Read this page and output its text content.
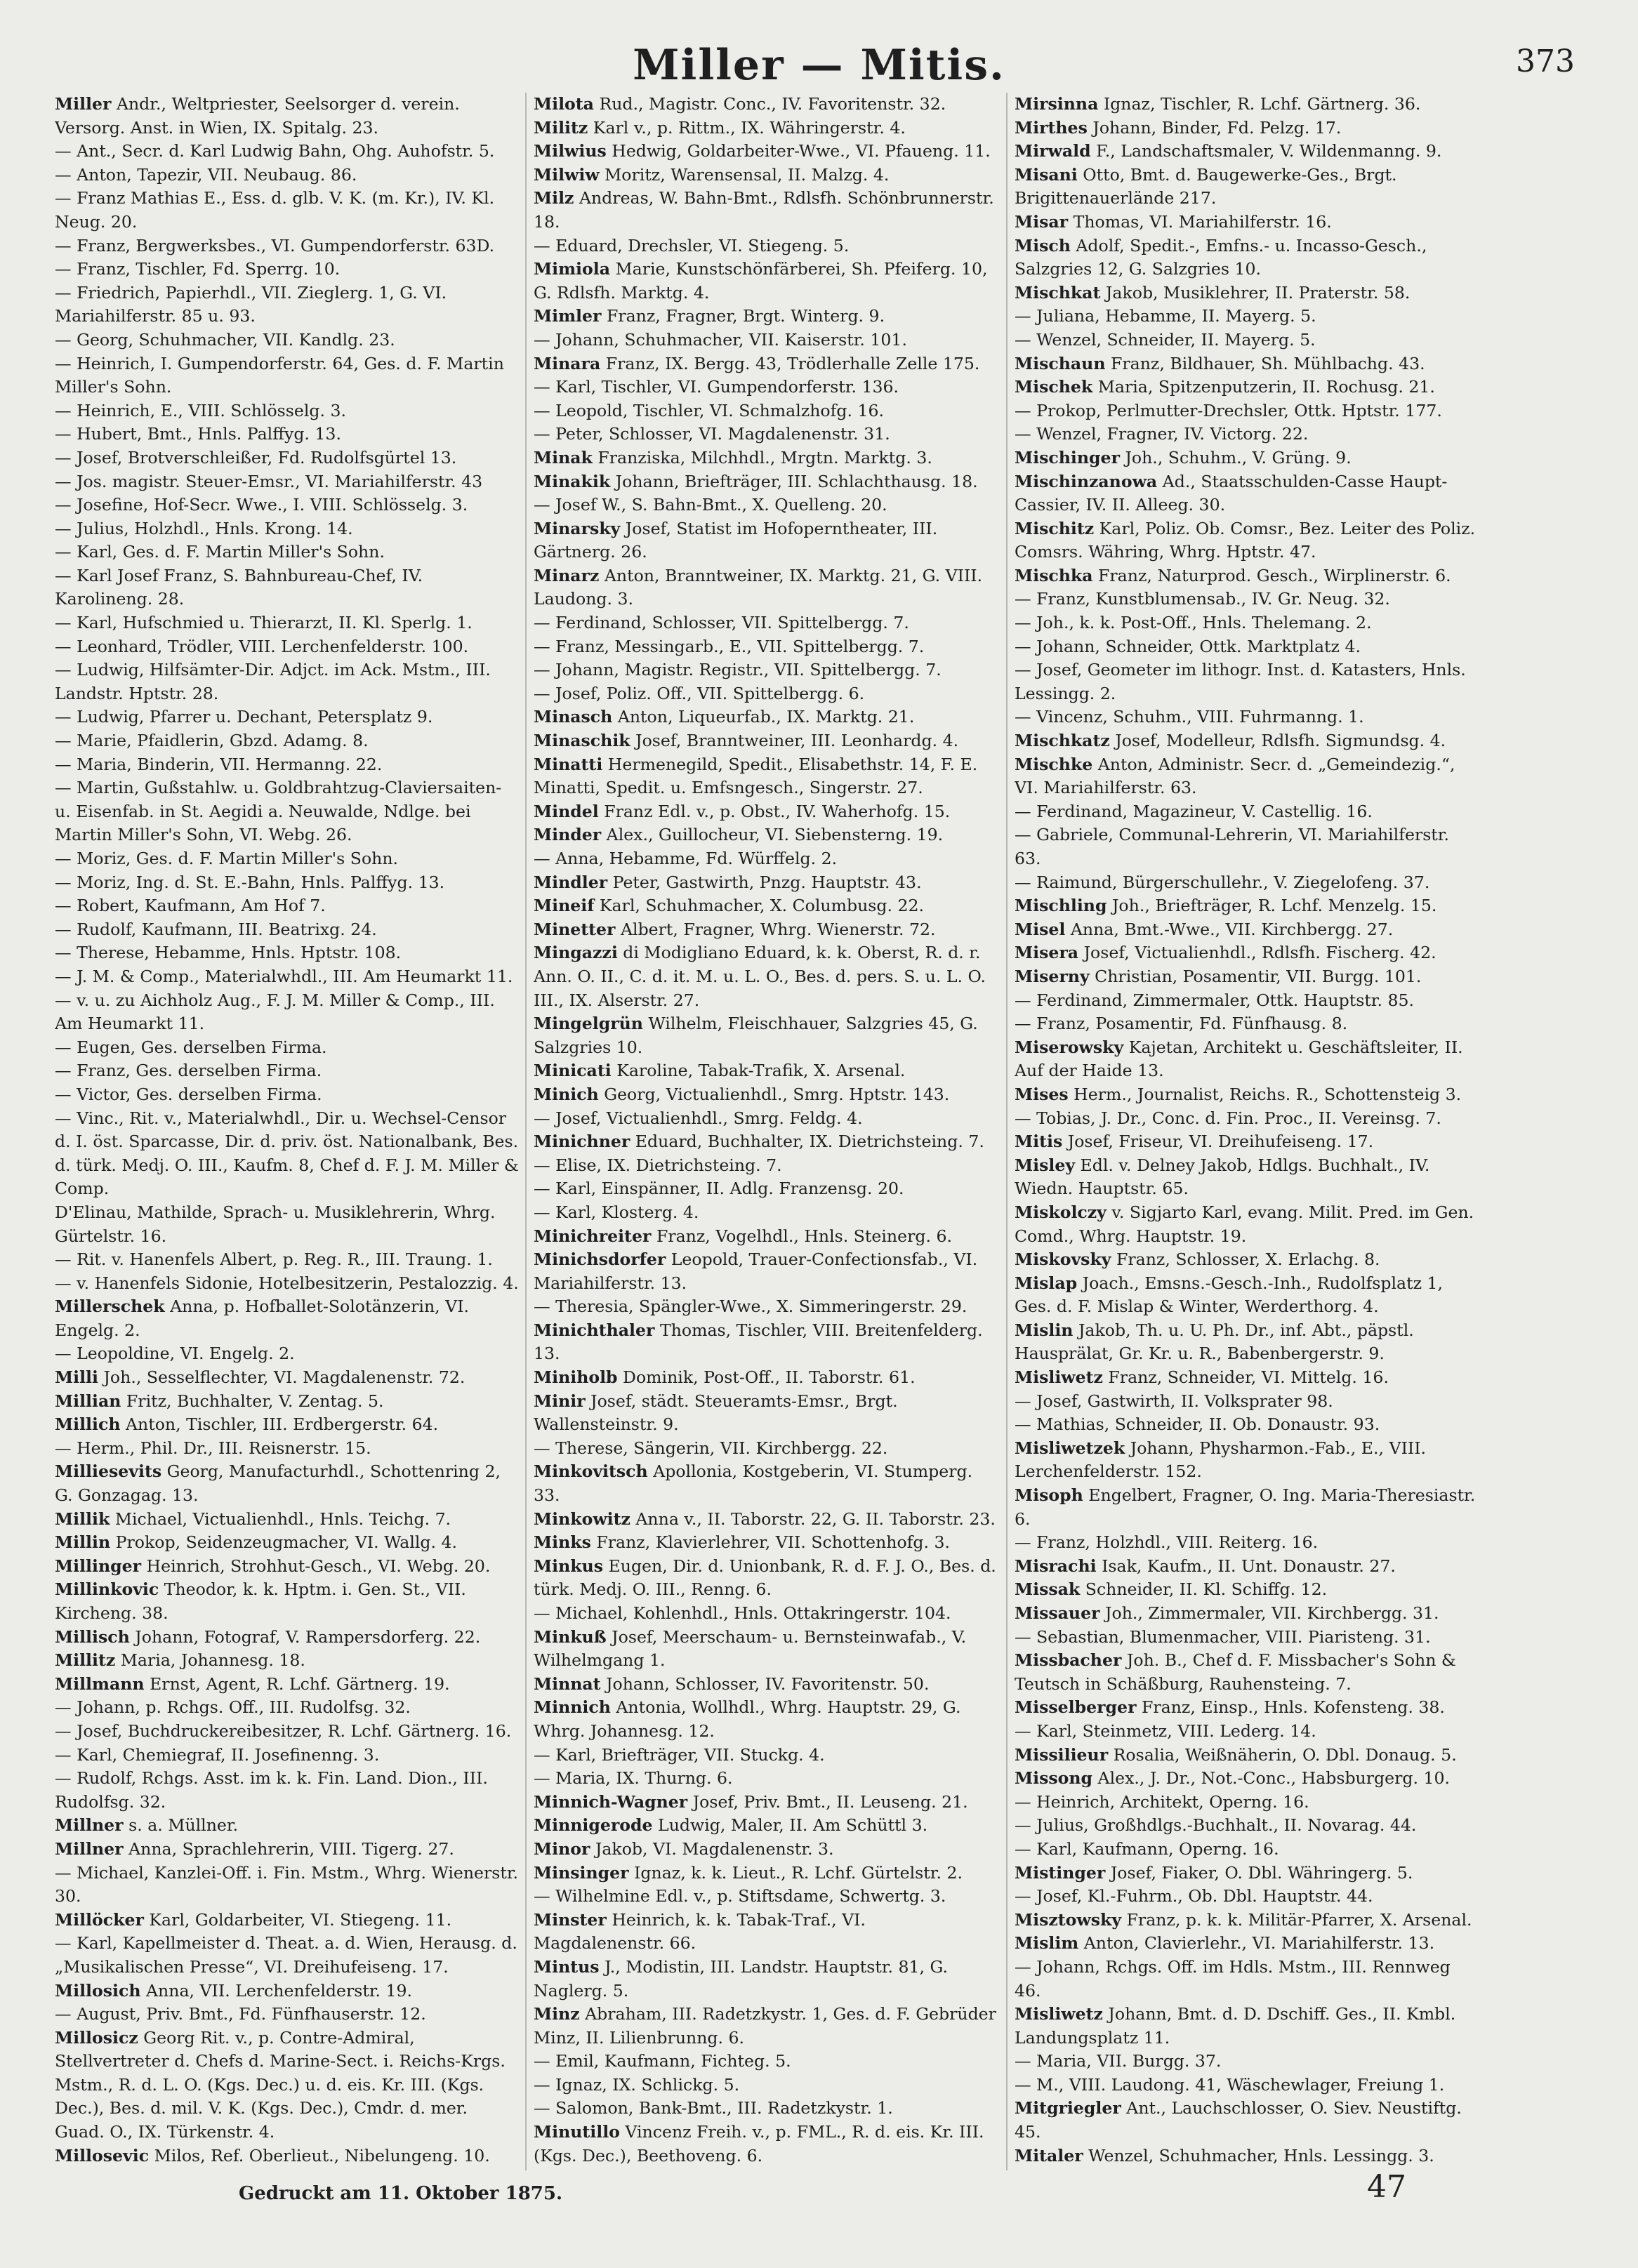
Miller — Mitis.	373

Miller Andr., Weltpriester, Seelsorger d. verein. Versorg. Anst. in Wien, IX. Spitalg. 23.

— Ant., Secr. d. Karl Ludwig Bahn, Ohg. Auhofstr. 5.

— Anton, Tapezir, VII. Neubaug. 86.

— Franz Mathias E., Ess. d. glb. V. K. (m. Kr.), IV. Kl. Neug. 20.

— Franz, Bergwerksbes., VI. Gumpendorferstr. 63D.

— Franz, Tischler, Fd. Sperrg. 10.

— Friedrich, Papierhdl., VII. Zieglerg. 1, G. VI. Mariahilferstr. 85 u. 93.

— Georg, Schuhmacher, VII. Kandlg. 23.

— Heinrich, I. Gumpendorferstr. 64, Ges. d. F. Martin Miller's Sohn.

— Heinrich, E., VIII. Schlösselg. 3.

— Hubert, Bmt., Hnls. Palffyg. 13.

— Josef, Brotverschleißer, Fd. Rudolfsgürtel 13.

— Jos. magistr. Steuer-Emsr., VI. Mariahilferstr. 43

— Josefine, Hof-Secr. Wwe., I. VIII. Schlösselg. 3.

— Julius, Holzhdl., Hnls. Krong. 14.

— Karl, Ges. d. F. Martin Miller's Sohn.

— Karl Josef Franz, S. Bahnbureau-Chef, IV. Karolineng. 28.

— Karl, Hufschmied u. Thierarzt, II. Kl. Sperlg. 1.

— Leonhard, Trödler, VIII. Lerchenfelderstr. 100.

— Ludwig, Hilfsämter-Dir. Adjct. im Ack. Mstm., III. Landstr. Hptstr. 28.

— Ludwig, Pfarrer u. Dechant, Petersplatz 9.

— Marie, Pfaidlerin, Gbzd. Adamg. 8.

— Maria, Binderin, VII. Hermanng. 22.

— Martin, Gußstahlw. u. Goldbrahtzug-Claviersaiten- u. Eisenfab. in St. Aegidi a. Neuwalde, Ndlge. bei Martin Miller's Sohn, VI. Webg. 26.

— Moriz, Ges. d. F. Martin Miller's Sohn.

— Moriz, Ing. d. St. E.-Bahn, Hnls. Palffyg. 13.

— Robert, Kaufmann, Am Hof 7.

— Rudolf, Kaufmann, III. Beatrixg. 24.

— Therese, Hebamme, Hnls. Hptstr. 108.

— J. M. & Comp., Materialwhdl., III. Am Heumarkt 11.

— v. u. zu Aichholz Aug., F. J. M. Miller & Comp., III. Am Heumarkt 11.

— Eugen, Ges. derselben Firma.

— Franz, Ges. derselben Firma.

— Victor, Ges. derselben Firma.

— Vinc., Rit. v., Materialwhdl., Dir. u. Wechsel-Censor d. I. öst. Sparcasse, Dir. d. priv. öst. Nationalbank, Bes. d. türk. Medj. O. III., Kaufm. 8, Chef d. F. J. M. Miller & Comp.

D'Elinau, Mathilde, Sprach- u. Musiklehrerin, Whrg. Gürtelstr. 16.

— Rit. v. Hanenfels Albert, p. Reg. R., III. Traung. 1.

— v. Hanenfels Sidonie, Hotelbesitzerin, Pestalozzig. 4.

Millerschek Anna, p. Hofballet-Solotänzerin, VI. Engelg. 2.

— Leopoldine, VI. Engelg. 2.

Milli Joh., Sesselflechter, VI. Magdalenenstr. 72.

Millian Fritz, Buchhalter, V. Zentag. 5.

Millich Anton, Tischler, III. Erdbergerstr. 64.

— Herm., Phil. Dr., III. Reisnerstr. 15.

Milliesevits Georg, Manufacturhdl., Schottenring 2, G. Gonzagag. 13.

Millik Michael, Victualienhdl., Hnls. Teichg. 7.

Millin Prokop, Seidenzeugmacher, VI. Wallg. 4.

Millinger Heinrich, Strohhut-Gesch., VI. Webg. 20.

Millinkovic Theodor, k. k. Hptm. i. Gen. St., VII. Kircheng. 38.

Millisch Johann, Fotograf, V. Rampersdorferg. 22.

Millitz Maria, Johannesg. 18.

Millmann Ernst, Agent, R. Lchf. Gärtnerg. 19.

— Johann, p. Rchgs. Off., III. Rudolfsg. 32.

— Josef, Buchdruckereibesitzer, R. Lchf. Gärtnerg. 16.

— Karl, Chemiegraf, II. Josefinenng. 3.

— Rudolf, Rchgs. Asst. im k. k. Fin. Land. Dion., III. Rudolfsg. 32.

Millner s. a. Müllner.

Millner Anna, Sprachlehrerin, VIII. Tigerg. 27.

— Michael, Kanzlei-Off. i. Fin. Mstm., Whrg. Wienerstr. 30.

Millöcker Karl, Goldarbeiter, VI. Stiegeng. 11.

— Karl, Kapellmeister d. Theat. a. d. Wien, Herausg. d. „Musikalischen Presse“, VI. Dreihufeiseng. 17.

Millosich Anna, VII. Lerchenfelderstr. 19.

— August, Priv. Bmt., Fd. Fünfhauserstr. 12.

Millosicz Georg Rit. v., p. Contre-Admiral, Stellvertreter d. Chefs d. Marine-Sect. i. Reichs-Krgs. Mstm., R. d. L. O. (Kgs. Dec.) u. d. eis. Kr. III. (Kgs. Dec.), Bes. d. mil. V. K. (Kgs. Dec.), Cmdr. d. mer. Guad. O., IX. Türkenstr. 4.

Millosevic Milos, Ref. Oberlieut., Nibelungeng. 10.

Milota Rud., Magistr. Conc., IV. Favoritenstr. 32.

Militz Karl v., p. Rittm., IX. Währingerstr. 4.

Milwius Hedwig, Goldarbeiter-Wwe., VI. Pfaueng. 11.

Milwiw Moritz, Warensensal, II. Malzg. 4.

Milz Andreas, W. Bahn-Bmt., Rdlsfh. Schönbrunnerstr. 18.

— Eduard, Drechsler, VI. Stiegeng. 5.

Mimiola Marie, Kunstschönfärberei, Sh. Pfeiferg. 10, G. Rdlsfh. Marktg. 4.

Mimler Franz, Fragner, Brgt. Winterg. 9.

— Johann, Schuhmacher, VII. Kaiserstr. 101.

Minara Franz, IX. Bergg. 43, Trödlerhalle Zelle 175.

— Karl, Tischler, VI. Gumpendorferstr. 136.

— Leopold, Tischler, VI. Schmalzhofg. 16.

— Peter, Schlosser, VI. Magdalenenstr. 31.

Minak Franziska, Milchhdl., Mrgtn. Marktg. 3.

Minakik Johann, Briefträger, III. Schlachthausg. 18.

— Josef W., S. Bahn-Bmt., X. Quelleng. 20.

Minarsky Josef, Statist im Hofoperntheater, III. Gärtnerg. 26.

Minarz Anton, Branntweiner, IX. Marktg. 21, G. VIII. Laudong. 3.

— Ferdinand, Schlosser, VII. Spittelbergg. 7.

— Franz, Messingarb., E., VII. Spittelbergg. 7.

— Johann, Magistr. Registr., VII. Spittelbergg. 7.

— Josef, Poliz. Off., VII. Spittelbergg. 6.

Minasch Anton, Liqueurfab., IX. Marktg. 21.

Minaschik Josef, Branntweiner, III. Leonhardg. 4.

Minatti Hermenegild, Spedit., Elisabethstr. 14, F. E. Minatti, Spedit. u. Emfsngesch., Singerstr. 27.

Mindel Franz Edl. v., p. Obst., IV. Waherhofg. 15.

Minder Alex., Guillocheur, VI. Siebensterng. 19.

— Anna, Hebamme, Fd. Würffelg. 2.

Mindler Peter, Gastwirth, Pnzg. Hauptstr. 43.

Mineif Karl, Schuhmacher, X. Columbusg. 22.

Minetter Albert, Fragner, Whrg. Wienerstr. 72.

Mingazzi di Modigliano Eduard, k. k. Oberst, R. d. r. Ann. O. II., C. d. it. M. u. L. O., Bes. d. pers. S. u. L. O. III., IX. Alserstr. 27.

Mingelgrün Wilhelm, Fleischhauer, Salzgries 45, G. Salzgries 10.

Minicati Karoline, Tabak-Trafik, X. Arsenal.

Minich Georg, Victualienhdl., Smrg. Hptstr. 143.

— Josef, Victualienhdl., Smrg. Feldg. 4.

Minichner Eduard, Buchhalter, IX. Dietrichsteing. 7.

— Elise, IX. Dietrichsteing. 7.

— Karl, Einspänner, II. Adlg. Franzensg. 20.

— Karl, Klosterg. 4.

Minichreiter Franz, Vogelhdl., Hnls. Steinerg. 6.

Minichsdorfer Leopold, Trauer-Confectionsfab., VI. Mariahilferstr. 13.

— Theresia, Spängler-Wwe., X. Simmeringerstr. 29.

Minichthaler Thomas, Tischler, VIII. Breitenfelderg. 13.

Miniholb Dominik, Post-Off., II. Taborstr. 61.

Minir Josef, städt. Steueramts-Emsr., Brgt. Wallensteinstr. 9.

— Therese, Sängerin, VII. Kirchbergg. 22.

Minkovitsch Apollonia, Kostgeberin, VI. Stumperg. 33.

Minkowitz Anna v., II. Taborstr. 22, G. II. Taborstr. 23.

Minks Franz, Klavierlehrer, VII. Schottenhofg. 3.

Minkus Eugen, Dir. d. Unionbank, R. d. F. J. O., Bes. d. türk. Medj. O. III., Renng. 6.

— Michael, Kohlenhdl., Hnls. Ottakringerstr. 104.

Minkuß Josef, Meerschaum- u. Bernsteinwafab., V. Wilhelmgang 1.

Minnat Johann, Schlosser, IV. Favoritenstr. 50.

Minnich Antonia, Wollhdl., Whrg. Hauptstr. 29, G. Whrg. Johannesg. 12.

— Karl, Briefträger, VII. Stuckg. 4.

— Maria, IX. Thurng. 6.

Minnich-Wagner Josef, Priv. Bmt., II. Leuseng. 21.

Minnigerode Ludwig, Maler, II. Am Schüttl 3.

Minor Jakob, VI. Magdalenenstr. 3.

Minsinger Ignaz, k. k. Lieut., R. Lchf. Gürtelstr. 2.

— Wilhelmine Edl. v., p. Stiftsdame, Schwertg. 3.

Minster Heinrich, k. k. Tabak-Traf., VI. Magdalenenstr. 66.

Mintus J., Modistin, III. Landstr. Hauptstr. 81, G. Naglerg. 5.

Minz Abraham, III. Radetzkystr. 1, Ges. d. F. Gebrüder Minz, II. Lilienbrunng. 6.

— Emil, Kaufmann, Fichteg. 5.

— Ignaz, IX. Schlickg. 5.

— Salomon, Bank-Bmt., III. Radetzkystr. 1.

Minutillo Vincenz Freih. v., p. FML., R. d. eis. Kr. III. (Kgs. Dec.), Beethoveng. 6.

Mirsinna Ignaz, Tischler, R. Lchf. Gärtnerg. 36.

Mirthes Johann, Binder, Fd. Pelzg. 17.

Mirwald F., Landschaftsmaler, V. Wildenmanng. 9.

Misani Otto, Bmt. d. Baugewerke-Ges., Brgt. Brigittenauerlände 217.

Misar Thomas, VI. Mariahilferstr. 16.

Misch Adolf, Spedit.-, Emfns.- u. Incasso-Gesch., Salzgries 12, G. Salzgries 10.

Mischkat Jakob, Musiklehrer, II. Praterstr. 58.

— Juliana, Hebamme, II. Mayerg. 5.

— Wenzel, Schneider, II. Mayerg. 5.

Mischaun Franz, Bildhauer, Sh. Mühlbachg. 43.

Mischek Maria, Spitzenputzerin, II. Rochusg. 21.

— Prokop, Perlmutter-Drechsler, Ottk. Hptstr. 177.

— Wenzel, Fragner, IV. Victorg. 22.

Mischinger Joh., Schuhm., V. Grüng. 9.

Mischinzanowa Ad., Staatsschulden-Casse Haupt-Cassier, IV. II. Alleeg. 30.

Mischitz Karl, Poliz. Ob. Comsr., Bez. Leiter des Poliz. Comsrs. Währing, Whrg. Hptstr. 47.

Mischka Franz, Naturprod. Gesch., Wirplinerstr. 6.

— Franz, Kunstblumensab., IV. Gr. Neug. 32.

— Joh., k. k. Post-Off., Hnls. Thelemang. 2.

— Johann, Schneider, Ottk. Marktplatz 4.

— Josef, Geometer im lithogr. Inst. d. Katasters, Hnls. Lessingg. 2.

— Vincenz, Schuhm., VIII. Fuhrmanng. 1.

Mischkatz Josef, Modelleur, Rdlsfh. Sigmundsg. 4.

Mischke Anton, Administr. Secr. d. „Gemeindezig.“, VI. Mariahilferstr. 63.

— Ferdinand, Magazineur, V. Castellig. 16.

— Gabriele, Communal-Lehrerin, VI. Mariahilferstr. 63.

— Raimund, Bürgerschullehr., V. Ziegelofeng. 37.

Mischling Joh., Briefträger, R. Lchf. Menzelg. 15.

Misel Anna, Bmt.-Wwe., VII. Kirchbergg. 27.

Misera Josef, Victualienhdl., Rdlsfh. Fischerg. 42.

Miserny Christian, Posamentir, VII. Burgg. 101.

— Ferdinand, Zimmermaler, Ottk. Hauptstr. 85.

— Franz, Posamentir, Fd. Fünfhausg. 8.

Miserowsky Kajetan, Architekt u. Geschäftsleiter, II. Auf der Haide 13.

Mises Herm., Journalist, Reichs. R., Schottensteig 3.

— Tobias, J. Dr., Conc. d. Fin. Proc., II. Vereinsg. 7.

Mitis Josef, Friseur, VI. Dreihufeiseng. 17.

Misley Edl. v. Delney Jakob, Hdlgs. Buchhalt., IV. Wiedn. Hauptstr. 65.

Miskolczy v. Sigjarto Karl, evang. Milit. Pred. im Gen. Comd., Whrg. Hauptstr. 19.

Miskovsky Franz, Schlosser, X. Erlachg. 8.

Mislap Joach., Emsns.-Gesch.-Inh., Rudolfsplatz 1, Ges. d. F. Mislap & Winter, Werderthorg. 4.

Mislin Jakob, Th. u. U. Ph. Dr., inf. Abt., päpstl. Hausprälat, Gr. Kr. u. R., Babenbergerstr. 9.

Misliwetz Franz, Schneider, VI. Mittelg. 16.

— Josef, Gastwirth, II. Volksprater 98.

— Mathias, Schneider, II. Ob. Donaustr. 93.

Misliwetzek Johann, Physharmon.-Fab., E., VIII. Lerchenfelderstr. 152.

Misoph Engelbert, Fragner, O. Ing. Maria-Theresiastr. 6.

— Franz, Holzhdl., VIII. Reiterg. 16.

Misrachi Isak, Kaufm., II. Unt. Donaustr. 27.

Missak Schneider, II. Kl. Schiffg. 12.

Missauer Joh., Zimmermaler, VII. Kirchbergg. 31.

— Sebastian, Blumenmacher, VIII. Piaristeng. 31.

Missbacher Joh. B., Chef d. F. Missbacher's Sohn & Teutsch in Schäßburg, Rauhensteing. 7.

Misselberger Franz, Einsp., Hnls. Kofensteng. 38.

— Karl, Steinmetz, VIII. Lederg. 14.

Missilieur Rosalia, Weißnäherin, O. Dbl. Donaug. 5.

Missong Alex., J. Dr., Not.-Conc., Habsburgerg. 10.

— Heinrich, Architekt, Operng. 16.

— Julius, Großhdlgs.-Buchhalt., II. Novarag. 44.

— Karl, Kaufmann, Operng. 16.

Mistinger Josef, Fiaker, O. Dbl. Währingerg. 5.

— Josef, Kl.-Fuhrm., Ob. Dbl. Hauptstr. 44.

Misztowsky Franz, p. k. k. Militär-Pfarrer, X. Arsenal.

Mislim Anton, Clavierlehr., VI. Mariahilferstr. 13.

— Johann, Rchgs. Off. im Hdls. Mstm., III. Rennweg 46.

Misliwetz Johann, Bmt. d. D. Dschiff. Ges., II. Kmbl. Landungsplatz 11.

— Maria, VII. Burgg. 37.

— M., VIII. Laudong. 41, Wäschewlager, Freiung 1.

Mitgriegler Ant., Lauchschlosser, O. Siev. Neustiftg. 45.

Mitaler Wenzel, Schuhmacher, Hnls. Lessingg. 3.

Gedruckt am 11. Oktober 1875.	47
